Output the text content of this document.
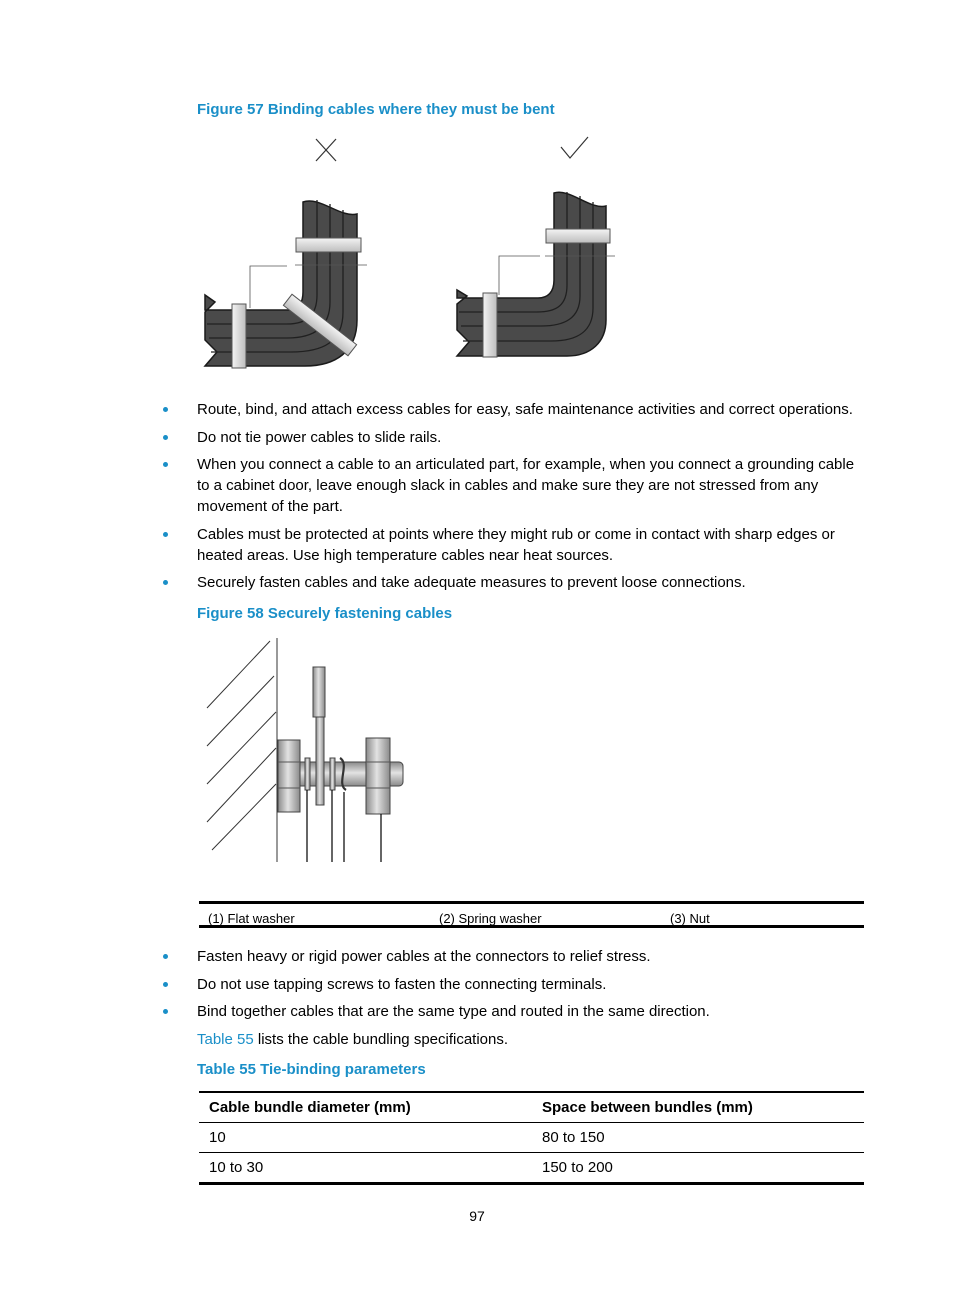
Figure 57 Binding cables where they must be bent

Route, bind, and attach excess cables for easy, safe maintenance activities and correct operations.
Do not tie power cables to slide rails.
When you connect a cable to an articulated part, for example, when you connect a grounding cable to a cabinet door, leave enough slack in cables and make sure they are not stressed from any movement of the part.
Cables must be protected at points where they might rub or come in contact with sharp edges or heated areas. Use high temperature cables near heat sources.
Securely fasten cables and take adequate measures to prevent loose connections.

Figure 58 Securely fastening cables

(1) Flat washer	(2) Spring washer	(3) Nut
Fasten heavy or rigid power cables at the connectors to relief stress.
Do not use tapping screws to fasten the connecting terminals.
Bind together cables that are the same type and routed in the same direction.

Table 55 lists the cable bundling specifications.

Table 55 Tie-binding parameters

Cable bundle diameter (mm)	Space between bundles (mm)
10	80 to 150
10 to 30	150 to 200
97
